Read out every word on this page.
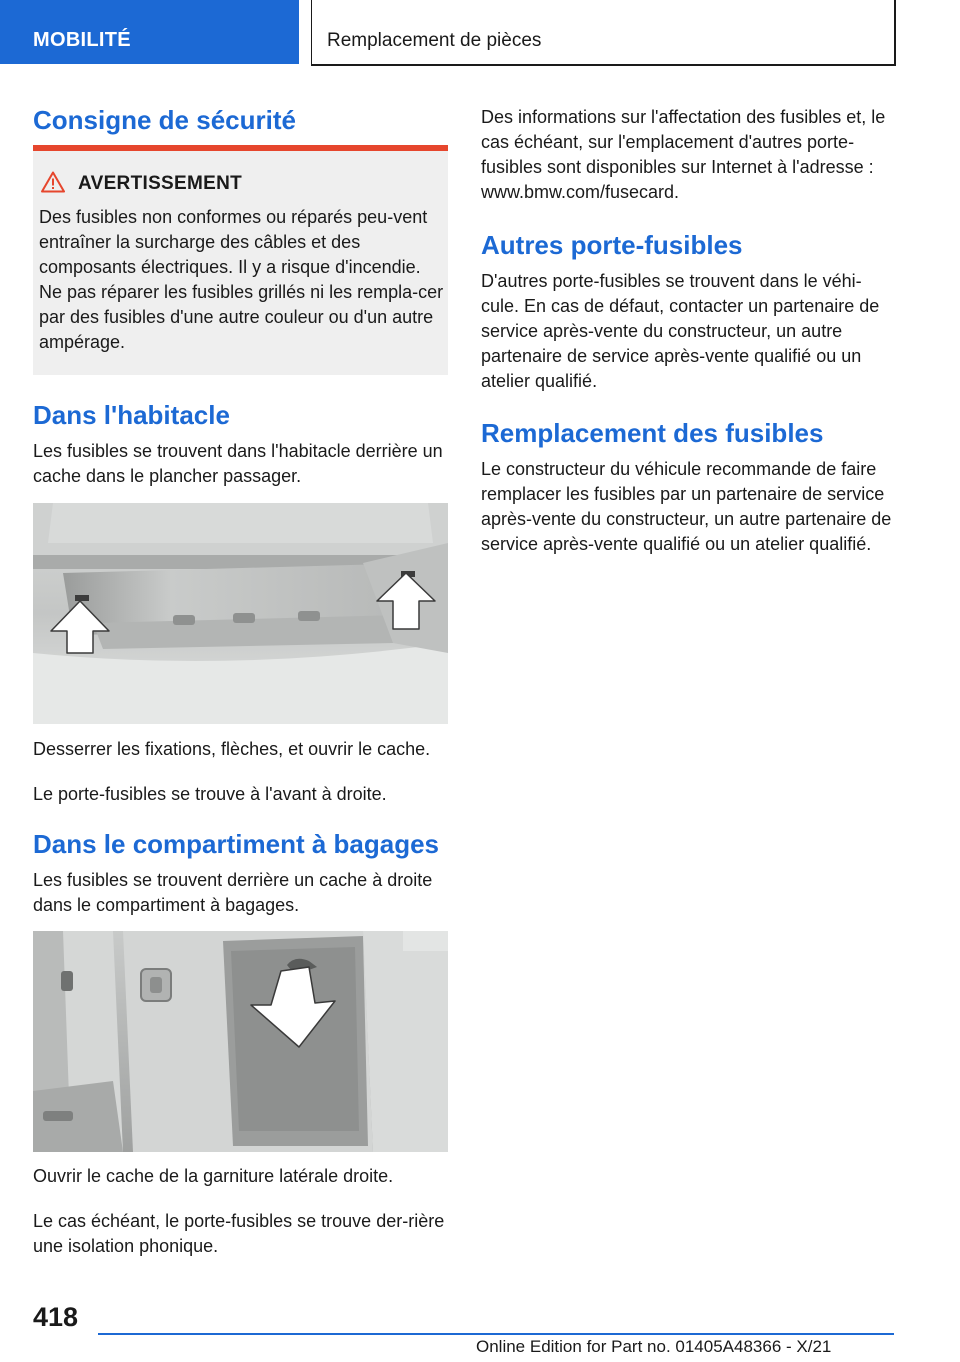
MOBILITÉ	Remplacement de pièces
Consigne de sécurité
AVERTISSEMENT
Des fusibles non conformes ou réparés peu-vent entraîner la surcharge des câbles et des composants électriques. Il y a risque d'incendie. Ne pas réparer les fusibles grillés ni les rempla-cer par des fusibles d'une autre couleur ou d'un autre ampérage.
Dans l'habitacle
Les fusibles se trouvent dans l'habitacle derrière un cache dans le plancher passager.
Desserrer les fixations, flèches, et ouvrir le cache.
Le porte-fusibles se trouve à l'avant à droite.
Dans le compartiment à bagages
Les fusibles se trouvent derrière un cache à droite dans le compartiment à bagages.
Ouvrir le cache de la garniture latérale droite.
Le cas échéant, le porte-fusibles se trouve der-rière une isolation phonique.
Des informations sur l'affectation des fusibles et, le cas échéant, sur l'emplacement d'autres porte-fusibles sont disponibles sur Internet à l'adresse : www.bmw.com/fusecard.
Autres porte-fusibles
D'autres porte-fusibles se trouvent dans le véhi-cule. En cas de défaut, contacter un partenaire de service après-vente du constructeur, un autre partenaire de service après-vente qualifié ou un atelier qualifié.
Remplacement des fusibles
Le constructeur du véhicule recommande de faire remplacer les fusibles par un partenaire de service après-vente du constructeur, un autre partenaire de service après-vente qualifié ou un atelier qualifié.
418
Online Edition for Part no. 01405A48366 - X/21
